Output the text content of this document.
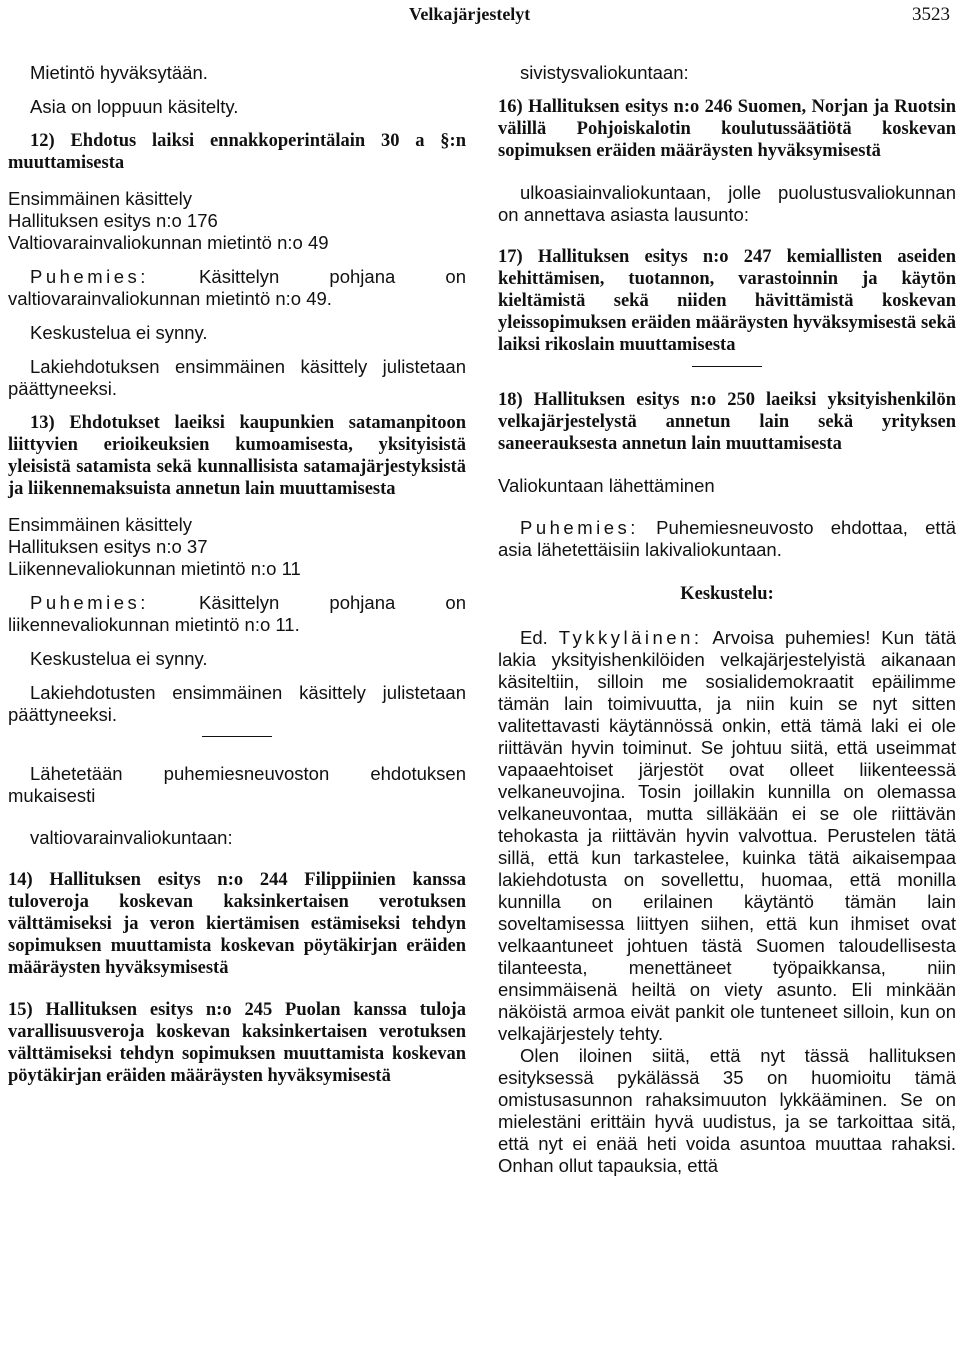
Velkajärjestelyt	3523

Mietintö hyväksytään.

Asia on loppuun käsitelty.

12) Ehdotus laiksi ennakkoperintälain 30 a §:n muuttamisesta

Ensimmäinen käsittely

Hallituksen esitys n:o 176

Valtiovarainvaliokunnan mietintö n:o 49

Puhemies: Käsittelyn pohjana on valtiovarainvaliokunnan mietintö n:o 49.

Keskustelua ei synny.

Lakiehdotuksen ensimmäinen käsittely julistetaan päättyneeksi.

13) Ehdotukset laeiksi kaupunkien satamanpitoon liittyvien erioikeuksien kumoamisesta, yksityisistä yleisistä satamista sekä kunnallisista satamajärjestyksistä ja liikennemaksuista annetun lain muuttamisesta

Ensimmäinen käsittely

Hallituksen esitys n:o 37

Liikennevaliokunnan mietintö n:o 11

Puhemies: Käsittelyn pohjana on liikennevaliokunnan mietintö n:o 11.

Keskustelua ei synny.

Lakiehdotusten ensimmäinen käsittely julistetaan päättyneeksi.

Lähetetään puhemiesneuvoston ehdotuksen mukaisesti

valtiovarainvaliokuntaan:

14) Hallituksen esitys n:o 244 Filippiinien kanssa tuloveroja koskevan kaksinkertaisen verotuksen välttämiseksi ja veron kiertämisen estämiseksi tehdyn sopimuksen muuttamista koskevan pöytäkirjan eräiden määräysten hyväksymisestä

15) Hallituksen esitys n:o 245 Puolan kanssa tuloja varallisuusveroja koskevan kaksinkertaisen verotuksen välttämiseksi tehdyn sopimuksen muuttamista koskevan pöytäkirjan eräiden määräysten hyväksymisestä

sivistysvaliokuntaan:

16) Hallituksen esitys n:o 246 Suomen, Norjan ja Ruotsin välillä Pohjoiskalotin koulutussäätiötä koskevan sopimuksen eräiden määräysten hyväksymisestä

ulkoasiainvaliokuntaan, jolle puolustusvaliokunnan on annettava asiasta lausunto:

17) Hallituksen esitys n:o 247 kemiallisten aseiden kehittämisen, tuotannon, varastoinnin ja käytön kieltämistä sekä niiden hävittämistä koskevan yleissopimuksen eräiden määräysten hyväksymisestä sekä laiksi rikoslain muuttamisesta

18) Hallituksen esitys n:o 250 laeiksi yksityishenkilön velkajärjestelystä annetun lain sekä yrityksen saneerauksesta annetun lain muuttamisesta

Valiokuntaan lähettäminen

Puhemies: Puhemiesneuvosto ehdottaa, että asia lähetettäisiin lakivaliokuntaan.

Keskustelu:

Ed. Tykkyläinen: Arvoisa puhemies! Kun tätä lakia yksityishenkilöiden velkajärjestelyistä aikanaan käsiteltiin, silloin me sosialidemokraatit epäilimme tämän lain toimivuutta, ja niin kuin se nyt sitten valitettavasti käytännössä onkin, että tämä laki ei ole riittävän hyvin toiminut. Se johtuu siitä, että useimmat vapaaehtoiset järjestöt ovat olleet liikenteessä velkaneuvojina. Tosin joillakin kunnilla on olemassa velkaneuvontaa, mutta silläkään ei se ole riittävän tehokasta ja riittävän hyvin valvottua. Perustelen tätä sillä, että kun tarkastelee, kuinka tätä aikaisempaa lakiehdotusta on sovellettu, huomaa, että monilla kunnilla on erilainen käytäntö tämän lain soveltamisessa liittyen siihen, että kun ihmiset ovat velkaantuneet johtuen tästä Suomen taloudellisesta tilanteesta, menettäneet työpaikkansa, niin ensimmäisenä heiltä on viety asunto. Eli minkään näköistä armoa eivät pankit ole tunteneet silloin, kun on velkajärjestely tehty.

Olen iloinen siitä, että nyt tässä hallituksen esityksessä pykälässä 35 on huomioitu tämä omistusasunnon rahaksimuuton lykkääminen. Se on mielestäni erittäin hyvä uudistus, ja se tarkoittaa sitä, että nyt ei enää heti voida asuntoa muuttaa rahaksi. Onhan ollut tapauksia, että
